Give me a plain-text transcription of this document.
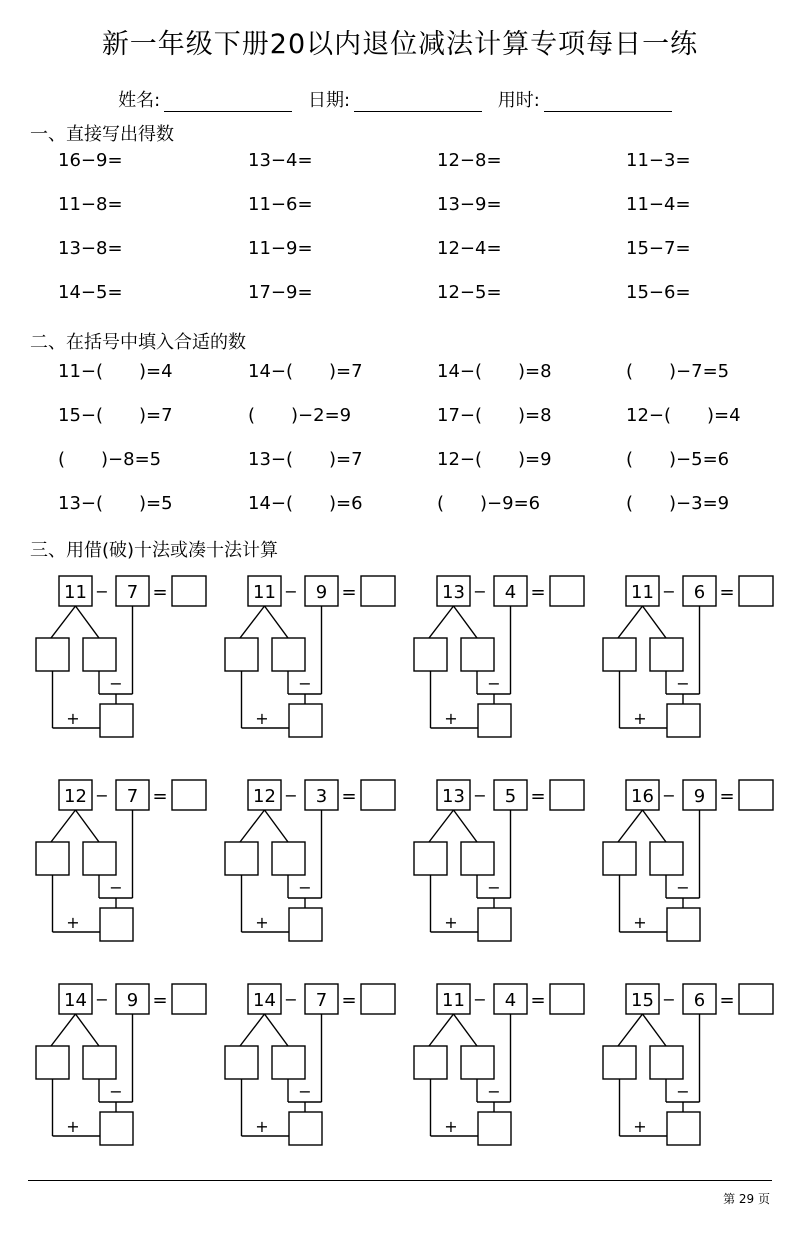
新一年级下册20以内退位减法计算专项每日一练
姓名:	日期:	用时:
一、直接写出得数
16−9=	13−4=	12−8=	11−3=
11−8=	11−6=	13−9=	11−4=
13−8=	11−9=	12−4=	15−7=
14−5=	17−9=	12−5=	15−6=
二、在括号中填入合适的数
11−(　　)=4	14−(　　)=7	14−(　　)=8	(　　)−7=5
15−(　　)=7	(　　)−2=9	17−(　　)=8	12−(　　)=4
(　　)−8=5	13−(　　)=7	12−(　　)=9	(　　)−5=6
13−(　　)=5	14−(　　)=6	(　　)−9=6	(　　)−3=9
三、用借(破)十法或凑十法计算
11 − 7 =
−
+
11 − 9 =
−
+
13 − 4 =
−
+
11 − 6 =
−
+
12 − 7 =
−
+
12 − 3 =
−
+
13 − 5 =
−
+
16 − 9 =
−
+
14 − 9 =
−
+
14 − 7 =
−
+
11 − 4 =
−
+
15 − 6 =
−
+
第 29 页
